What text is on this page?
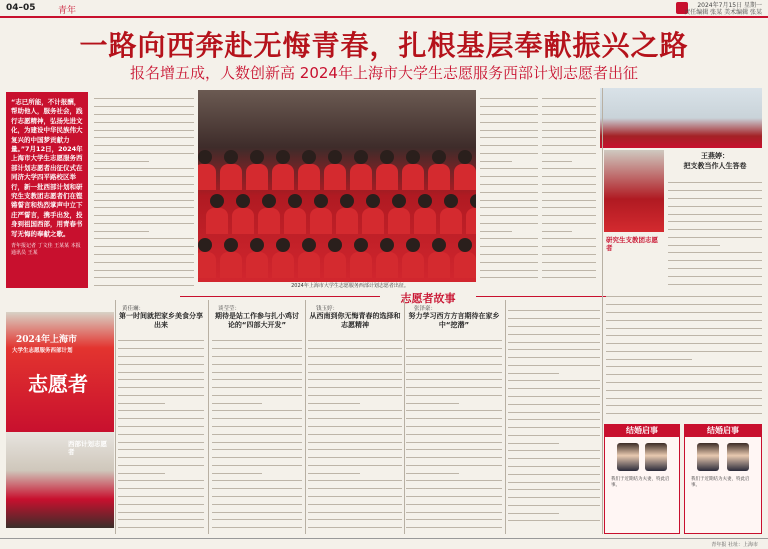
04–05 青年
2024年7月15日 星期一
责任编辑 张某 美术编辑 张某
一路向西奔赴无悔青春，扎根基层奉献振兴之路
报名增五成，人数创新高 2024年上海市大学生志愿服务西部计划志愿者出征
“志已所能，不计报酬，帮助他人，服务社会，践行志愿精神，弘扬先进文化，为建设中华民族伟大复兴的中国梦贡献力量。”7月12日，2024年上海市大学生志愿服务西部计划志愿者出征仪式在同济大学四平路校区举行，新一批西部计划和研究生支教团志愿者们在铿锵誓言和热烈掌声中立下庄严誓言，携手出发，投身到祖国西部，用青春书写无悔的奉献之歌。
青年报记者 丁文佳 王某某 本报通讯员 王某
2024年上海市大学生志愿服务西部计划志愿者出征。
研究生支教团志愿者
王燕婷：
把支教当作人生答卷
志愿者故事
黄佳斓：
第一时间就把家乡美食分享出来
谈莹莹：
期待是站工作参与扎小鸡讨论的“四部大开发”
钱玉婷：
从西南到你无悔青春的选择和志愿精神
张泽豪：
努力学习西方方言期待在家乡中“挖潜”
2024年上海市
大学生志愿服务西部计划
志愿者
西部计划志愿者
结婚启事
我们于近期结为夫妻，特此启事。
结婚启事
我们于近期结为夫妻，特此启事。
青年报 社址：上海市
